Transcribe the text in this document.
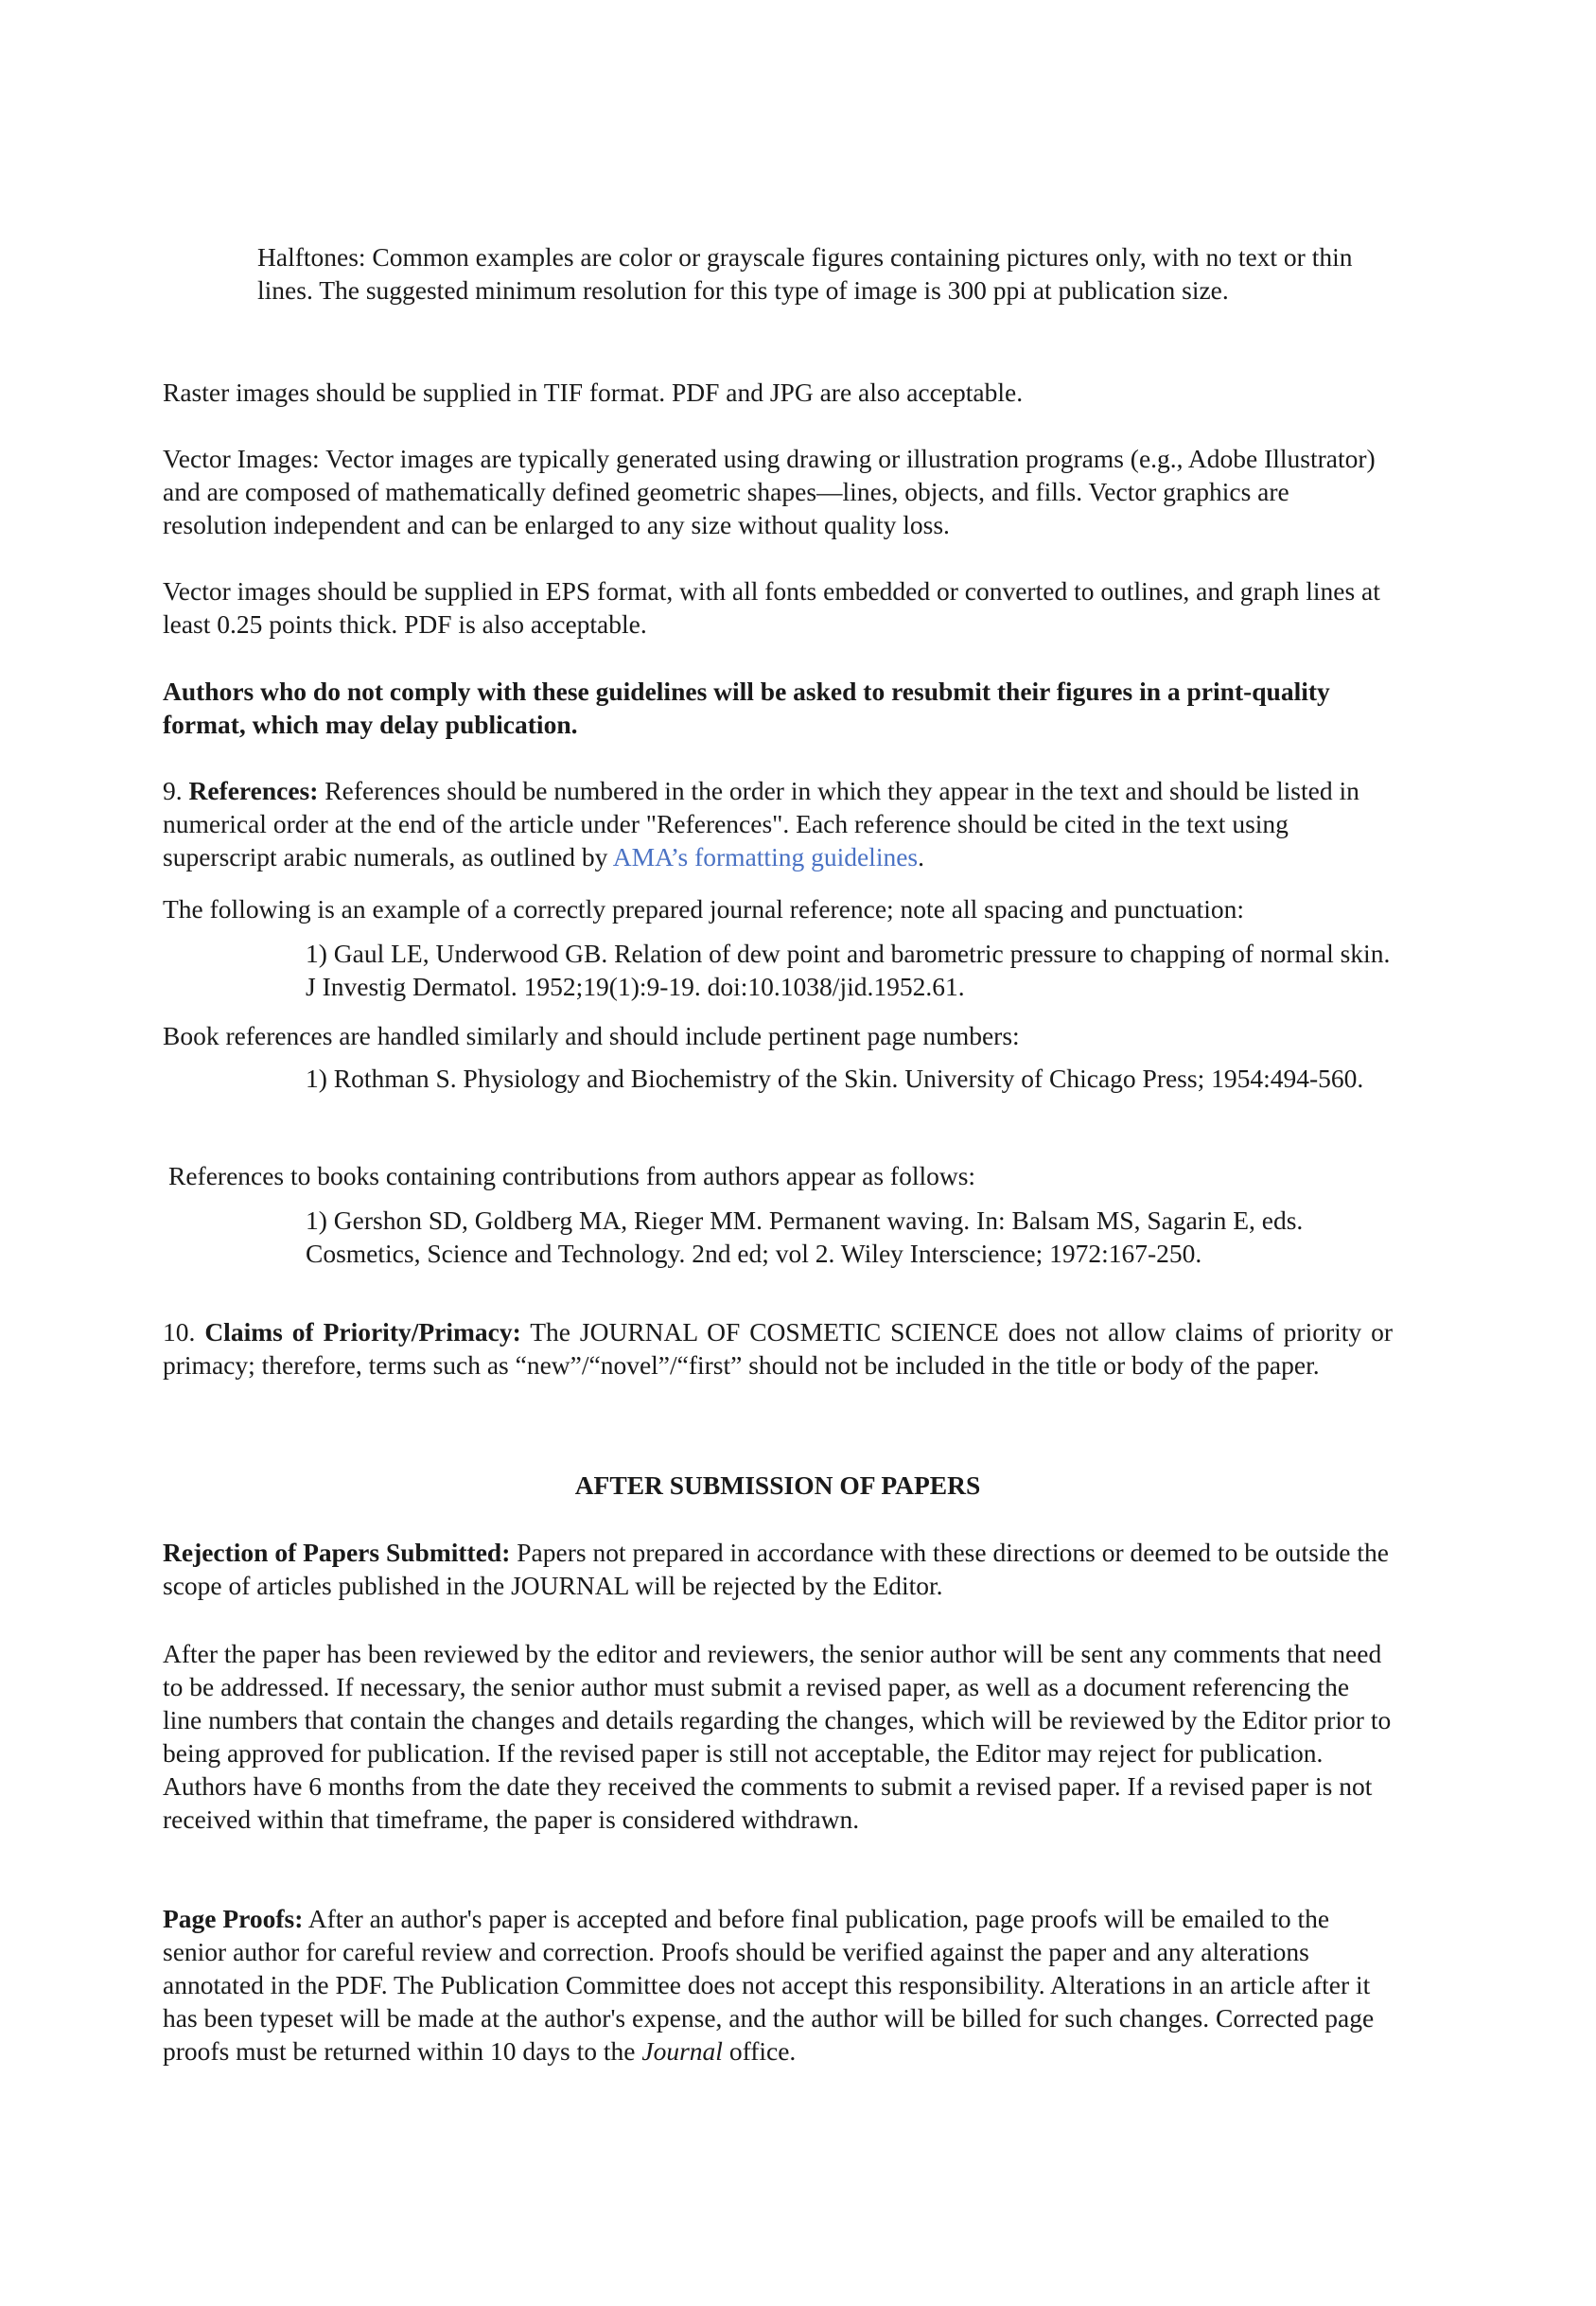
Halftones: Common examples are color or grayscale figures containing pictures only, with no text or thin lines. The suggested minimum resolution for this type of image is 300 ppi at publication size.

Raster images should be supplied in TIF format. PDF and JPG are also acceptable.

Vector Images: Vector images are typically generated using drawing or illustration programs (e.g., Adobe Illustrator) and are composed of mathematically defined geometric shapes—lines, objects, and fills. Vector graphics are resolution independent and can be enlarged to any size without quality loss.

Vector images should be supplied in EPS format, with all fonts embedded or converted to outlines, and graph lines at least 0.25 points thick. PDF is also acceptable.

Authors who do not comply with these guidelines will be asked to resubmit their figures in a print-quality format, which may delay publication.

9. References: References should be numbered in the order in which they appear in the text and should be listed in numerical order at the end of the article under "References". Each reference should be cited in the text using superscript arabic numerals, as outlined by AMA’s formatting guidelines.

The following is an example of a correctly prepared journal reference; note all spacing and punctuation:

1) Gaul LE, Underwood GB. Relation of dew point and barometric pressure to chapping of normal skin. J Investig Dermatol. 1952;19(1):9-19. doi:10.1038/jid.1952.61.

Book references are handled similarly and should include pertinent page numbers:

1) Rothman S. Physiology and Biochemistry of the Skin. University of Chicago Press; 1954:494-560.

References to books containing contributions from authors appear as follows:

1) Gershon SD, Goldberg MA, Rieger MM. Permanent waving. In: Balsam MS, Sagarin E, eds. Cosmetics, Science and Technology. 2nd ed; vol 2. Wiley Interscience; 1972:167-250.

10. Claims of Priority/Primacy: The JOURNAL OF COSMETIC SCIENCE does not allow claims of priority or primacy; therefore, terms such as “new”/“novel”/“first” should not be included in the title or body of the paper.

AFTER SUBMISSION OF PAPERS

Rejection of Papers Submitted: Papers not prepared in accordance with these directions or deemed to be outside the scope of articles published in the JOURNAL will be rejected by the Editor.

After the paper has been reviewed by the editor and reviewers, the senior author will be sent any comments that need to be addressed. If necessary, the senior author must submit a revised paper, as well as a document referencing the line numbers that contain the changes and details regarding the changes, which will be reviewed by the Editor prior to being approved for publication. If the revised paper is still not acceptable, the Editor may reject for publication. Authors have 6 months from the date they received the comments to submit a revised paper. If a revised paper is not received within that timeframe, the paper is considered withdrawn.

Page Proofs: After an author's paper is accepted and before final publication, page proofs will be emailed to the senior author for careful review and correction. Proofs should be verified against the paper and any alterations annotated in the PDF. The Publication Committee does not accept this responsibility. Alterations in an article after it has been typeset will be made at the author's expense, and the author will be billed for such changes. Corrected page proofs must be returned within 10 days to the Journal office.
